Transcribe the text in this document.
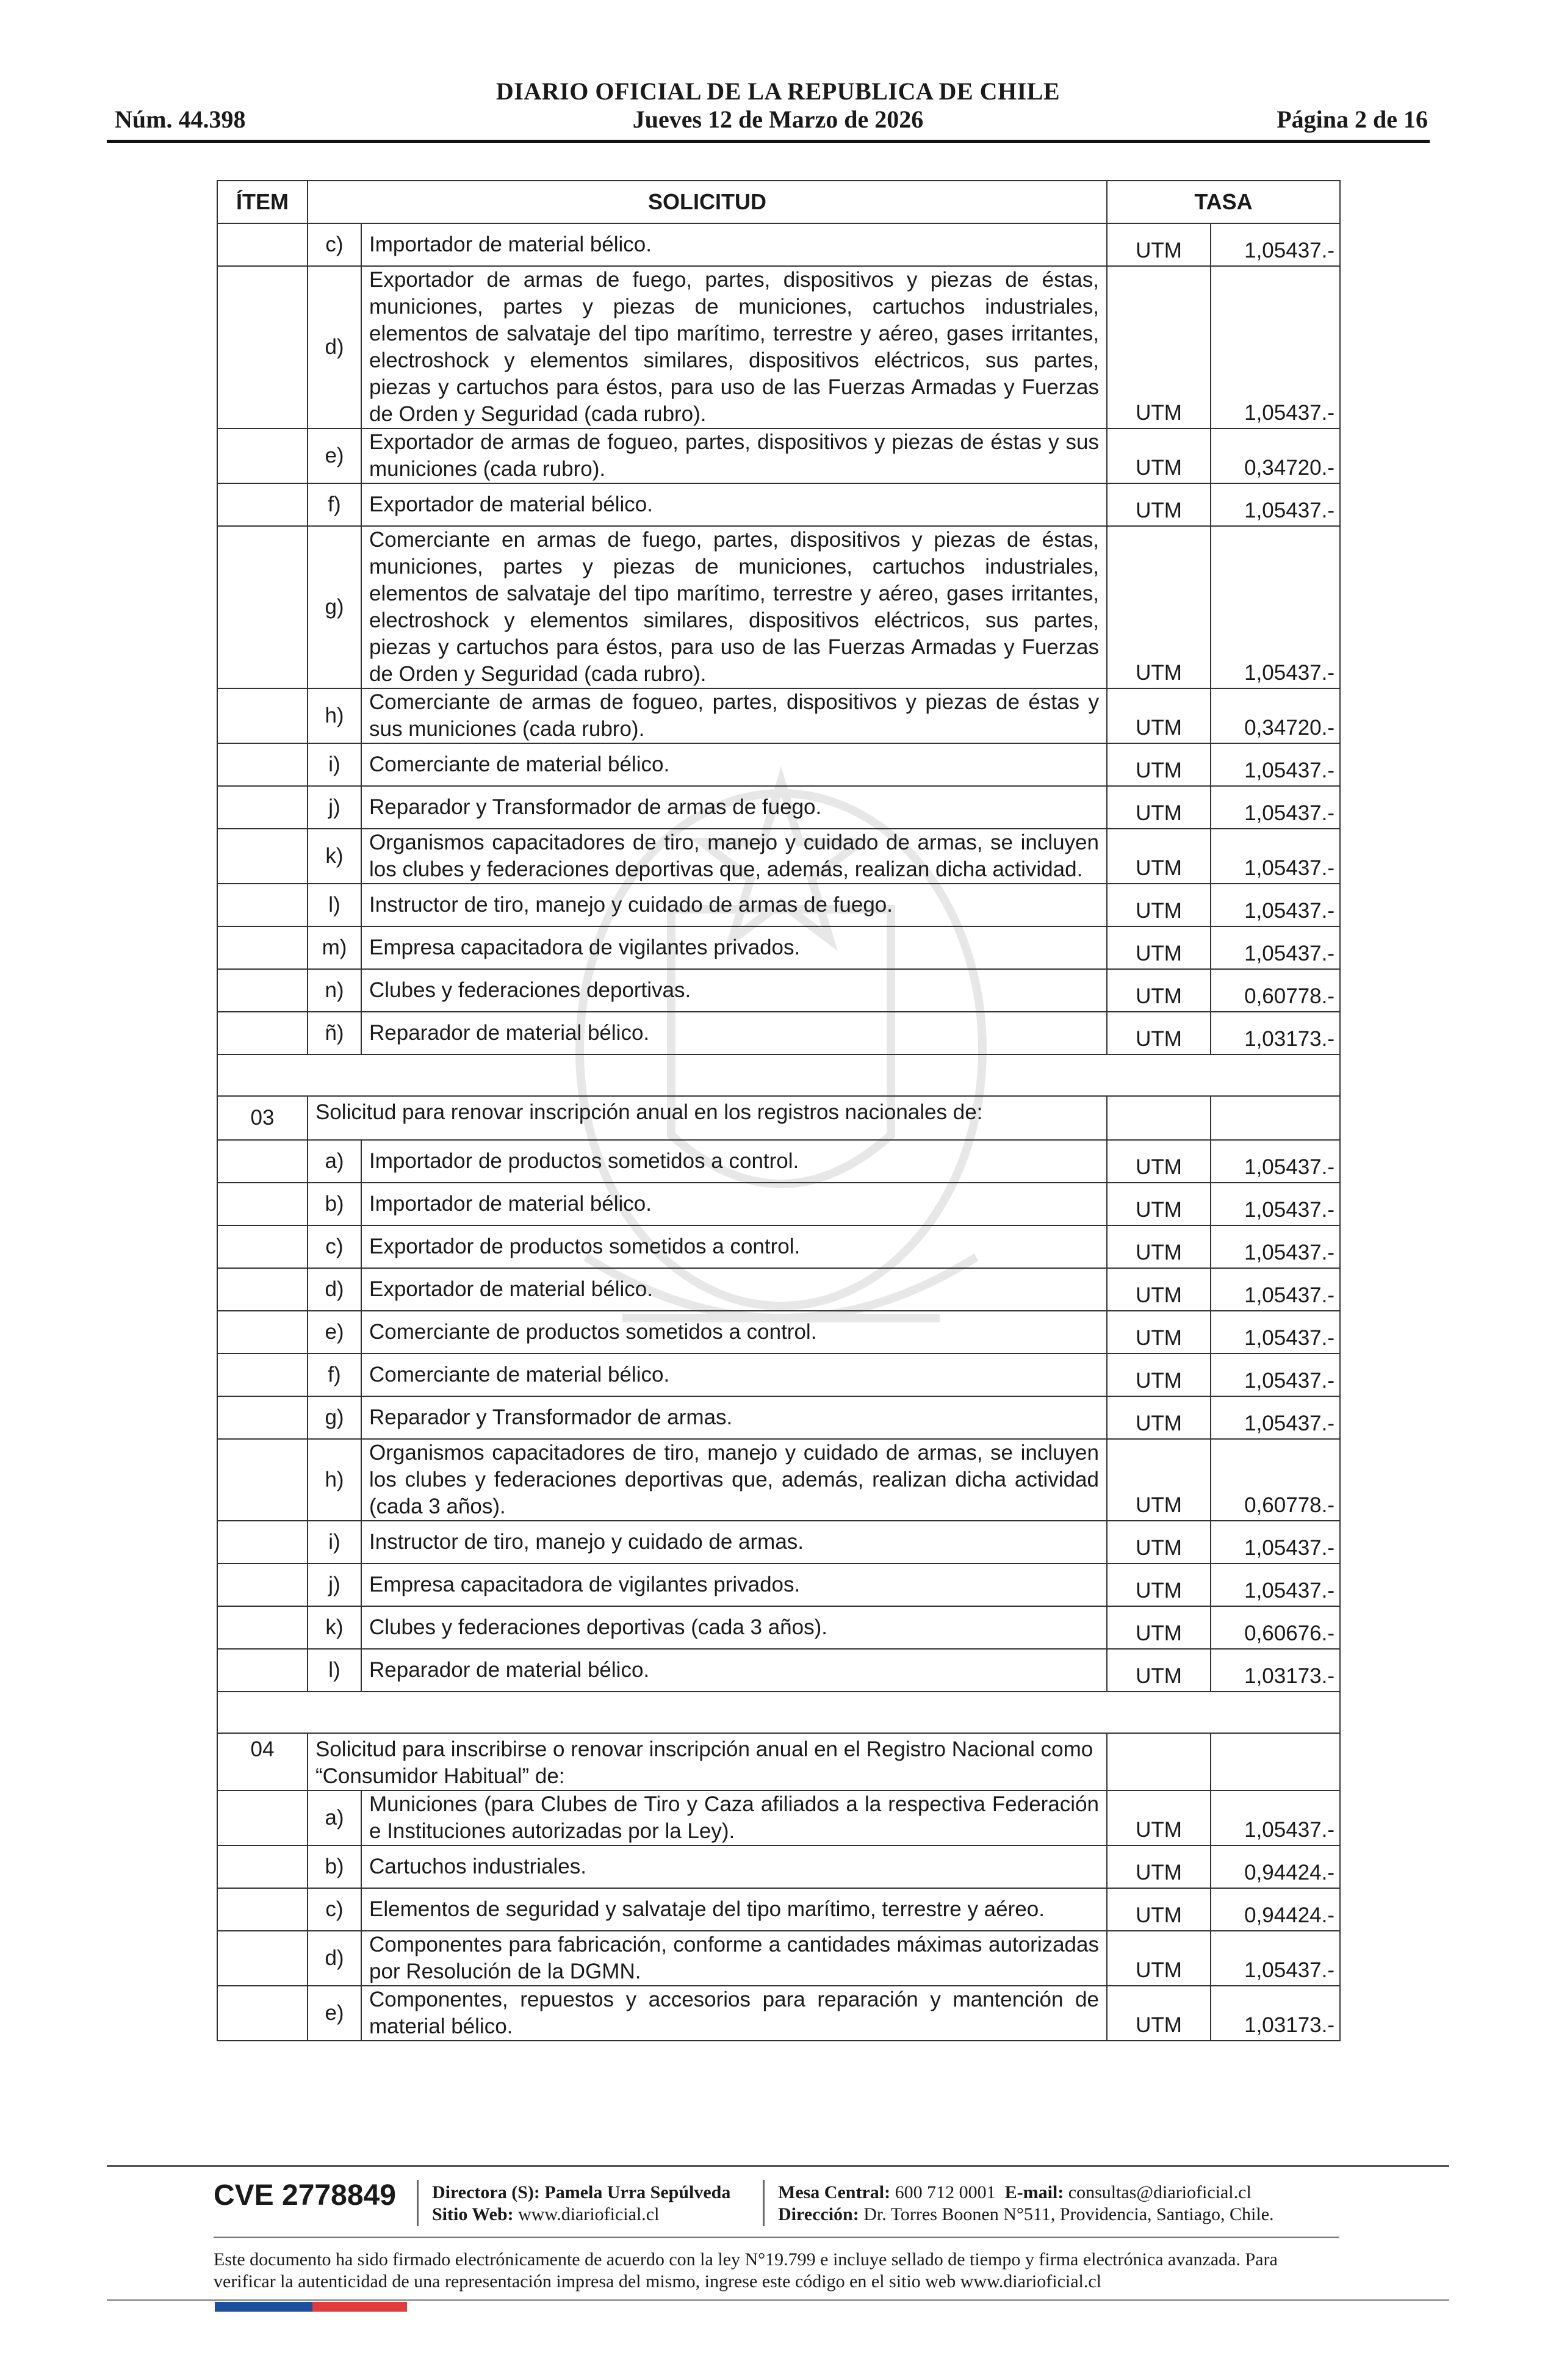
DIARIO OFICIAL DE LA REPUBLICA DE CHILE
Núm. 44.398	Jueves 12 de Marzo de 2026	Página 2 de 16
ÍTEM	SOLICITUD		TASA	
	c)	Importador de material bélico.	UTM	1,05437.-
	d)	Exportador de armas de fuego, partes, dispositivos y piezas de éstas, municiones, partes y piezas de municiones, cartuchos industriales, elementos de salvataje del tipo marítimo, terrestre y aéreo, gases irritantes, electroshock y elementos similares, dispositivos eléctricos, sus partes, piezas y cartuchos para éstos, para uso de las Fuerzas Armadas y Fuerzas de Orden y Seguridad (cada rubro).	UTM	1,05437.-
	e)	Exportador de armas de fogueo, partes, dispositivos y piezas de éstas y sus municiones (cada rubro).	UTM	0,34720.-
	f)	Exportador de material bélico.	UTM	1,05437.-
	g)	Comerciante en armas de fuego, partes, dispositivos y piezas de éstas, municiones, partes y piezas de municiones, cartuchos industriales, elementos de salvataje del tipo marítimo, terrestre y aéreo, gases irritantes, electroshock y elementos similares, dispositivos eléctricos, sus partes, piezas y cartuchos para éstos, para uso de las Fuerzas Armadas y Fuerzas de Orden y Seguridad (cada rubro).	UTM	1,05437.-
	h)	Comerciante de armas de fogueo, partes, dispositivos y piezas de éstas y sus municiones (cada rubro).	UTM	0,34720.-
	i)	Comerciante de material bélico.	UTM	1,05437.-
	j)	Reparador y Transformador de armas de fuego.	UTM	1,05437.-
	k)	Organismos capacitadores de tiro, manejo y cuidado de armas, se incluyen los clubes y federaciones deportivas que, además, realizan dicha actividad.	UTM	1,05437.-
	l)	Instructor de tiro, manejo y cuidado de armas de fuego.	UTM	1,05437.-
	m)	Empresa capacitadora de vigilantes privados.	UTM	1,05437.-
	n)	Clubes y federaciones deportivas.	UTM	0,60778.-
	ñ)	Reparador de material bélico.	UTM	1,03173.-

03	Solicitud para renovar inscripción anual en los registros nacionales de:			
	a)	Importador de productos sometidos a control.	UTM	1,05437.-
	b)	Importador de material bélico.	UTM	1,05437.-
	c)	Exportador de productos sometidos a control.	UTM	1,05437.-
	d)	Exportador de material bélico.	UTM	1,05437.-
	e)	Comerciante de productos sometidos a control.	UTM	1,05437.-
	f)	Comerciante de material bélico.	UTM	1,05437.-
	g)	Reparador y Transformador de armas.	UTM	1,05437.-
	h)	Organismos capacitadores de tiro, manejo y cuidado de armas, se incluyen los clubes y federaciones deportivas que, además, realizan dicha actividad (cada 3 años).	UTM	0,60778.-
	i)	Instructor de tiro, manejo y cuidado de armas.	UTM	1,05437.-
	j)	Empresa capacitadora de vigilantes privados.	UTM	1,05437.-
	k)	Clubes y federaciones deportivas (cada 3 años).	UTM	0,60676.-
	l)	Reparador de material bélico.	UTM	1,03173.-

04	Solicitud para inscribirse o renovar inscripción anual en el Registro Nacional como “Consumidor Habitual” de:			
	a)	Municiones (para Clubes de Tiro y Caza afiliados a la respectiva Federación e Instituciones autorizadas por la Ley).	UTM	1,05437.-
	b)	Cartuchos industriales.	UTM	0,94424.-
	c)	Elementos de seguridad y salvataje del tipo marítimo, terrestre y aéreo.	UTM	0,94424.-
	d)	Componentes para fabricación, conforme a cantidades máximas autorizadas por Resolución de la DGMN.	UTM	1,05437.-
	e)	Componentes, repuestos y accesorios para reparación y mantención de material bélico.	UTM	1,03173.-
CVE 2778849 Directora (S): Pamela Urra Sepúlveda
Sitio Web: www.diarioficial.cl
Mesa Central: 600 712 0001 E-mail: consultas@diarioficial.cl
Dirección: Dr. Torres Boonen N°511, Providencia, Santiago, Chile.
Este documento ha sido firmado electrónicamente de acuerdo con la ley N°19.799 e incluye sellado de tiempo y firma electrónica avanzada. Para verificar la autenticidad de una representación impresa del mismo, ingrese este código en el sitio web www.diarioficial.cl
